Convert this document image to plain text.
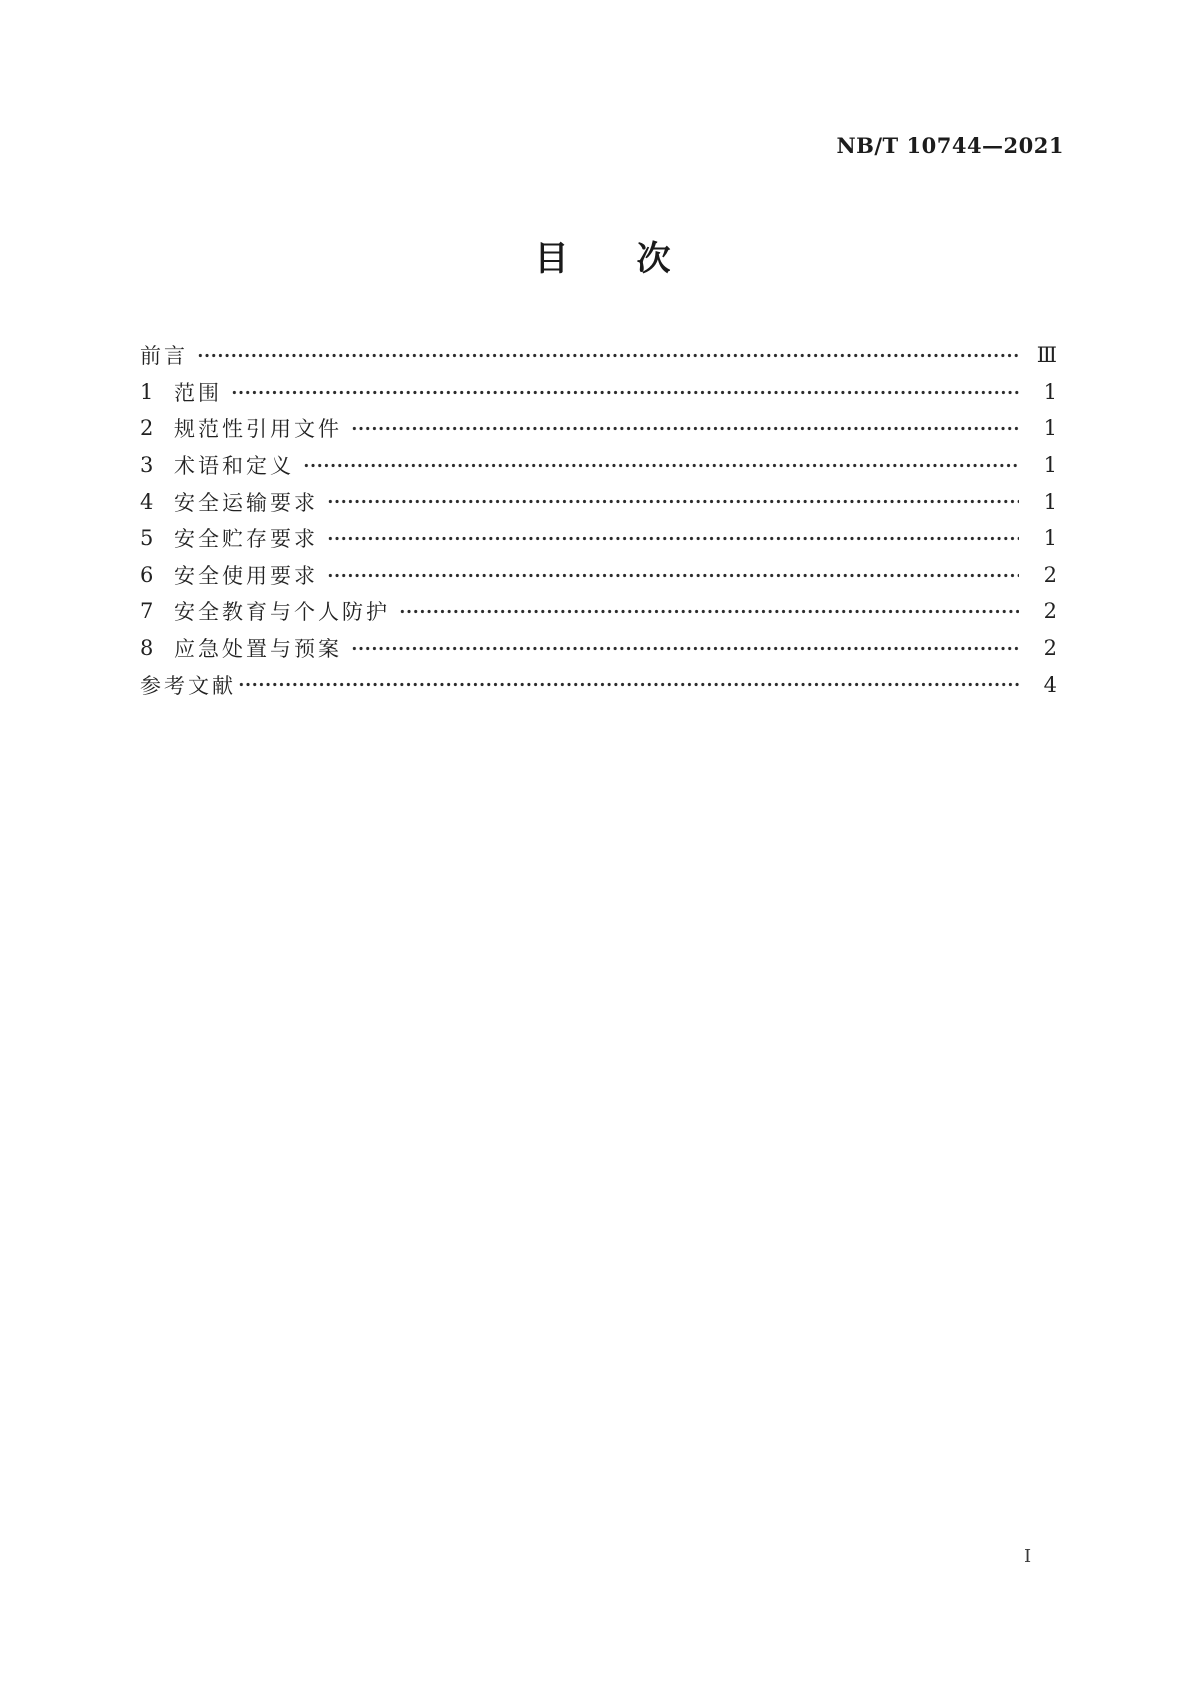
NB/T 10744—2021
目　　次
前言	Ⅲ
1 范围	1
2 规范性引用文件	1
3 术语和定义	1
4 安全运输要求	1
5 安全贮存要求	1
6 安全使用要求	2
7 安全教育与个人防护	2
8 应急处置与预案	2
参考文献	4
Ⅰ
